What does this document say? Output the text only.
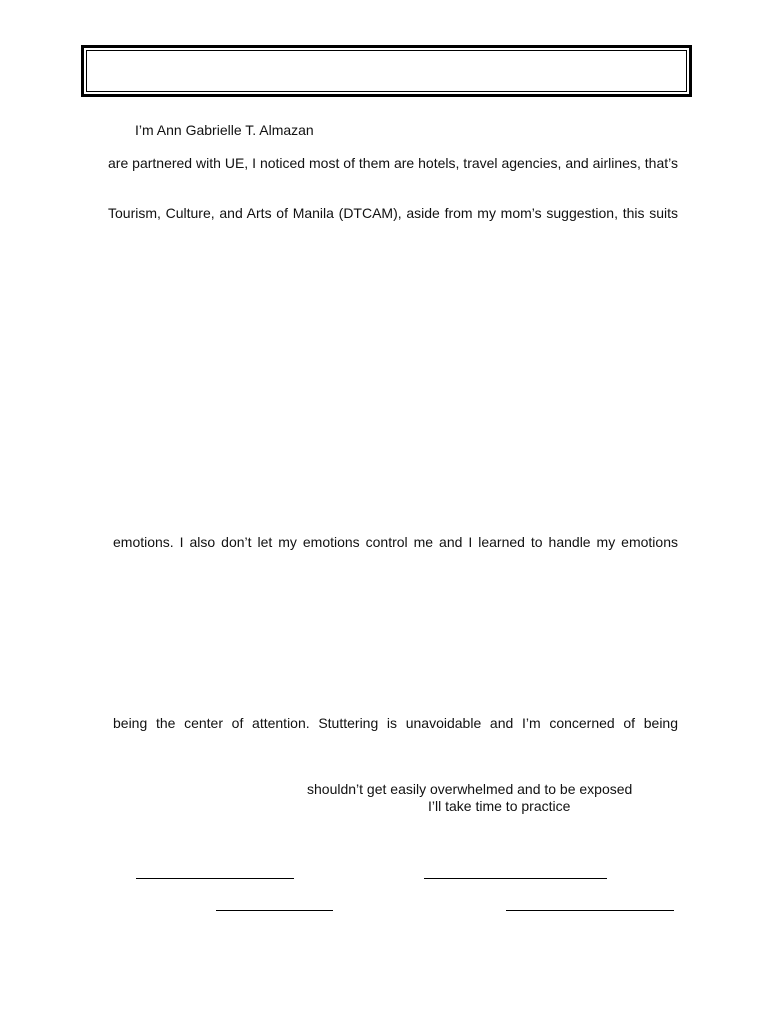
I’m Ann Gabrielle T. Almazan
are partnered with UE, I noticed most of them are hotels, travel agencies, and airlines, that’s
Tourism, Culture, and Arts of Manila (DTCAM), aside from my mom’s suggestion, this suits
emotions. I also don’t let my emotions control me and I learned to handle my emotions
being the center of attention. Stuttering is unavoidable and I’m concerned of being
shouldn’t get easily overwhelmed and to be exposed
I’ll take time to practice
